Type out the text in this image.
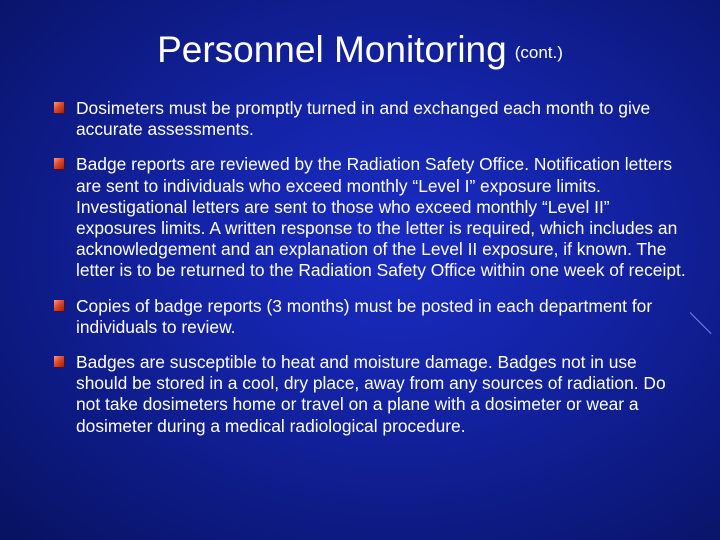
Personnel Monitoring (cont.)
Dosimeters must be promptly turned in and exchanged each month to give accurate assessments.
Badge reports are reviewed by the Radiation Safety Office. Notification letters are sent to individuals who exceed monthly “Level I” exposure limits. Investigational letters are sent to those who exceed monthly “Level II” exposures limits. A written response to the letter is required, which includes an acknowledgement and an explanation of the Level II exposure, if known. The letter is to be returned to the Radiation Safety Office within one week of receipt.
Copies of badge reports (3 months) must be posted in each department for individuals to review.
Badges are susceptible to heat and moisture damage. Badges not in use should be stored in a cool, dry place, away from any sources of radiation. Do not take dosimeters home or travel on a plane with a dosimeter or wear a dosimeter during a medical radiological procedure.
